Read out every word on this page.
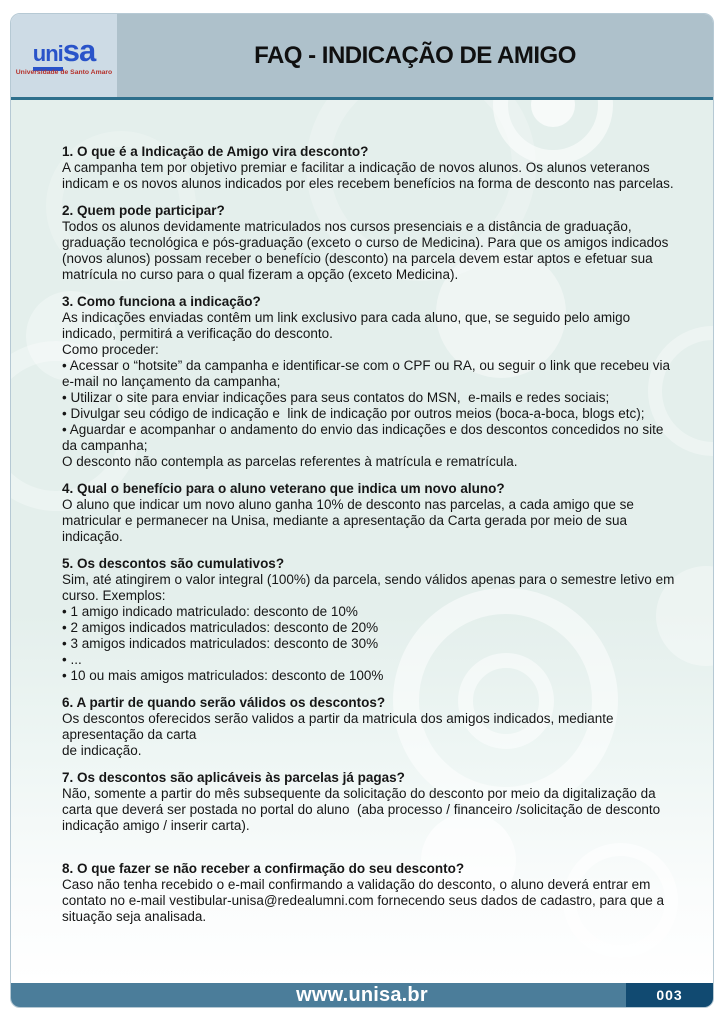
unisa
Universidade de Santo Amaro
FAQ - INDICAÇÃO DE AMIGO
1. O que é a Indicação de Amigo vira desconto?
A campanha tem por objetivo premiar e facilitar a indicação de novos alunos. Os alunos veteranos
indicam e os novos alunos indicados por eles recebem benefícios na forma de desconto nas parcelas.
2. Quem pode participar?
Todos os alunos devidamente matriculados nos cursos presenciais e a distância de graduação,
graduação tecnológica e pós-graduação (exceto o curso de Medicina). Para que os amigos indicados
(novos alunos) possam receber o benefício (desconto) na parcela devem estar aptos e efetuar sua
matrícula no curso para o qual fizeram a opção (exceto Medicina).
3. Como funciona a indicação?
As indicações enviadas contêm um link exclusivo para cada aluno, que, se seguido pelo amigo
indicado, permitirá a verificação do desconto.
Como proceder:
• Acessar o “hotsite” da campanha e identificar-se com o CPF ou RA, ou seguir o link que recebeu via
e-mail no lançamento da campanha;
• Utilizar o site para enviar indicações para seus contatos do MSN,  e-mails e redes sociais;
• Divulgar seu código de indicação e  link de indicação por outros meios (boca-a-boca, blogs etc);
• Aguardar e acompanhar o andamento do envio das indicações e dos descontos concedidos no site
da campanha;
O desconto não contempla as parcelas referentes à matrícula e rematrícula.
4. Qual o benefício para o aluno veterano que indica um novo aluno?
O aluno que indicar um novo aluno ganha 10% de desconto nas parcelas, a cada amigo que se
matricular e permanecer na Unisa, mediante a apresentação da Carta gerada por meio de sua
indicação.
5. Os descontos são cumulativos?
Sim, até atingirem o valor integral (100%) da parcela, sendo válidos apenas para o semestre letivo em
curso. Exemplos:
• 1 amigo indicado matriculado: desconto de 10%
• 2 amigos indicados matriculados: desconto de 20%
• 3 amigos indicados matriculados: desconto de 30%
• ...
• 10 ou mais amigos matriculados: desconto de 100%
6. A partir de quando serão válidos os descontos?
Os descontos oferecidos serão validos a partir da matricula dos amigos indicados, mediante
apresentação da carta
de indicação.
7. Os descontos são aplicáveis às parcelas já pagas?
Não, somente a partir do mês subsequente da solicitação do desconto por meio da digitalização da
carta que deverá ser postada no portal do aluno  (aba processo / financeiro /solicitação de desconto
indicação amigo / inserir carta).

8. O que fazer se não receber a confirmação do seu desconto?
Caso não tenha recebido o e-mail confirmando a validação do desconto, o aluno deverá entrar em
contato no e-mail vestibular-unisa@redealumni.com fornecendo seus dados de cadastro, para que a
situação seja analisada.
www.unisa.br	003
